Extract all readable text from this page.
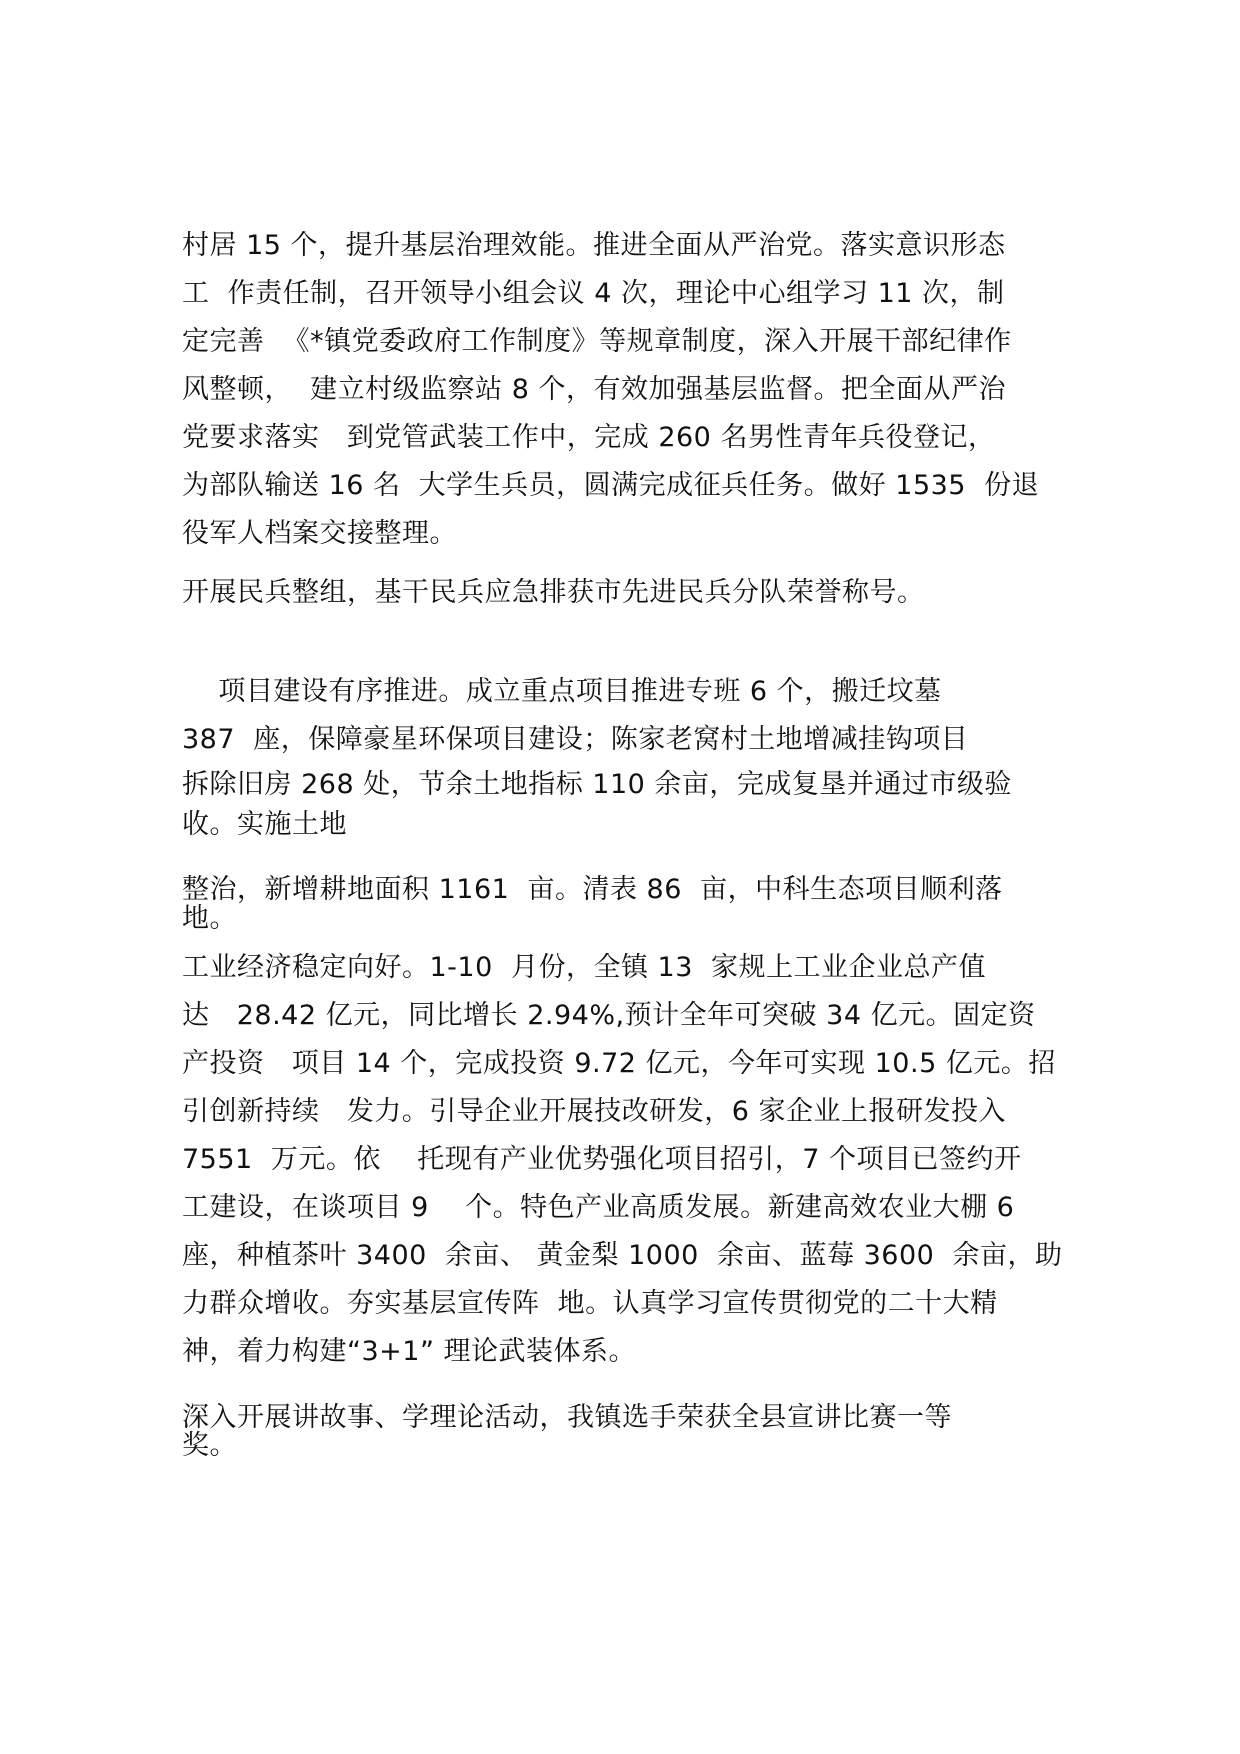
村居 15 个，提升基层治理效能。推进全面从严治党。落实意识形态
工  作责任制，召开领导小组会议 4 次，理论中心组学习 11 次，制
定完善  《*镇党委政府工作制度》等规章制度，深入开展干部纪律作
风整顿，  建立村级监察站 8 个，有效加强基层监督。把全面从严治
党要求落实   到党管武装工作中，完成 260 名男性青年兵役登记，
为部队输送 16 名  大学生兵员，圆满完成征兵任务。做好 1535  份退
役军人档案交接整理。
开展民兵整组，基干民兵应急排获市先进民兵分队荣誉称号。
项目建设有序推进。成立重点项目推进专班 6 个，搬迁坟墓
387  座，保障豪星环保项目建设；陈家老窝村土地增减挂钩项目
拆除旧房 268 处，节余土地指标 110 余亩，完成复垦并通过市级验
收。实施土地
整治，新增耕地面积 1161  亩。清表 86  亩，中科生态项目顺利落
地。
工业经济稳定向好。1-10  月份，全镇 13  家规上工业企业总产值
达   28.42 亿元，同比增长 2.94%,预计全年可突破 34 亿元。固定资
产投资   项目 14 个，完成投资 9.72 亿元，今年可实现 10.5 亿元。招
引创新持续   发力。引导企业开展技改研发，6 家企业上报研发投入
7551  万元。依    托现有产业优势强化项目招引，7 个项目已签约开
工建设，在谈项目 9    个。特色产业高质发展。新建高效农业大棚 6
座，种植茶叶 3400  余亩、 黄金梨 1000  余亩、蓝莓 3600  余亩，助
力群众增收。夯实基层宣传阵  地。认真学习宣传贯彻党的二十大精
神，着力构建“3+1” 理论武装体系。
深入开展讲故事、学理论活动，我镇选手荣获全县宣讲比赛一等
奖。
